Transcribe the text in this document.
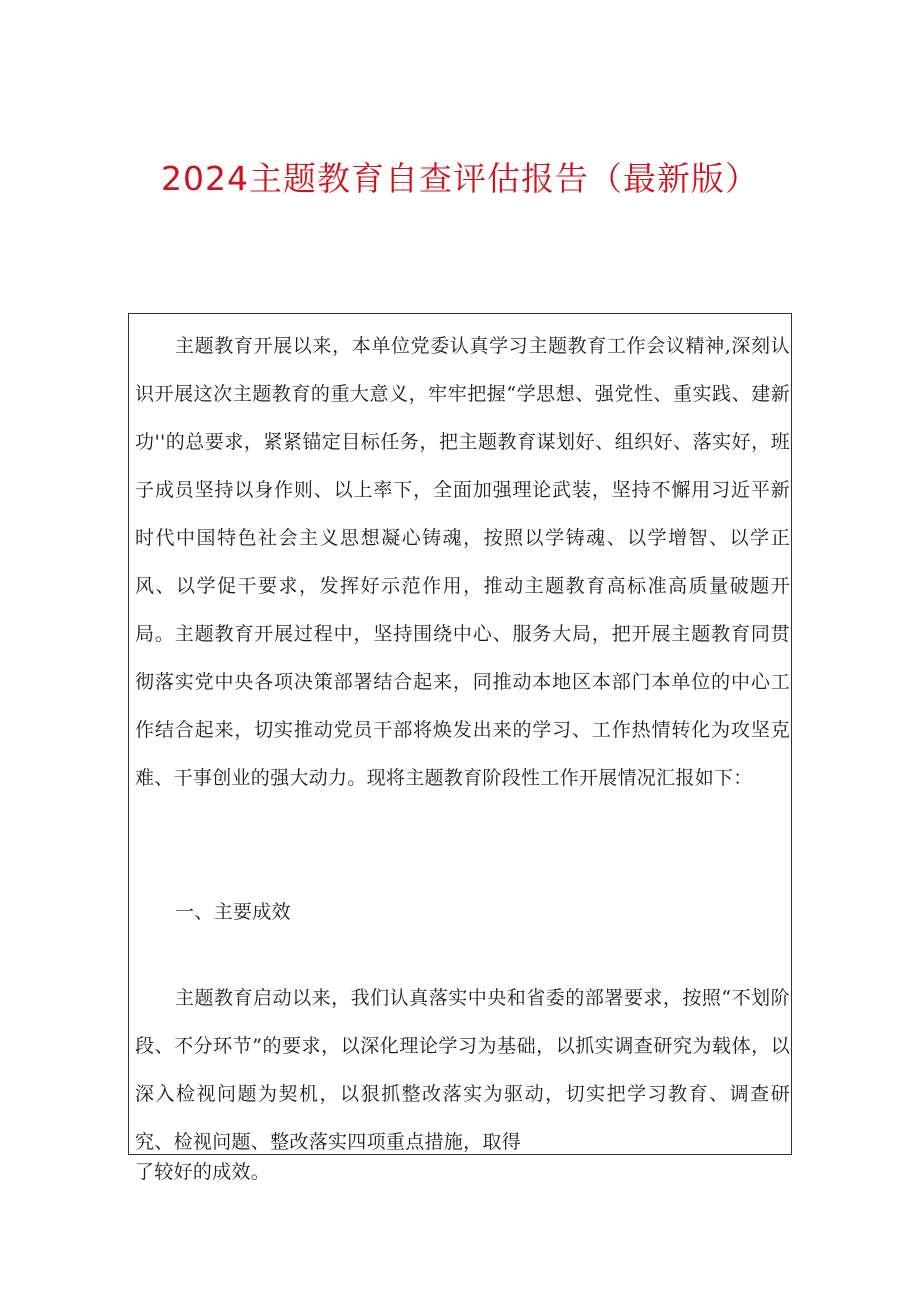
2024主题教育自查评估报告（最新版）

主题教育开展以来，本单位党委认真学习主题教育工作会议精神,深刻认识开展这次主题教育的重大意义，牢牢把握“学思想、强党性、重实践、建新功''的总要求，紧紧锚定目标任务，把主题教育谋划好、组织好、落实好，班子成员坚持以身作则、以上率下，全面加强理论武装，坚持不懈用习近平新时代中国特色社会主义思想凝心铸魂，按照以学铸魂、以学增智、以学正风、以学促干要求，发挥好示范作用，推动主题教育高标准高质量破题开局。主题教育开展过程中，坚持围绕中心、服务大局，把开展主题教育同贯彻落实党中央各项决策部署结合起来，同推动本地区本部门本单位的中心工作结合起来，切实推动党员干部将焕发出来的学习、工作热情转化为攻坚克难、干事创业的强大动力。现将主题教育阶段性工作开展情况汇报如下：

一、主要成效

主题教育启动以来，我们认真落实中央和省委的部署要求，按照“不划阶段、不分环节”的要求，以深化理论学习为基础，以抓实调查研究为载体，以深入检视问题为契机，以狠抓整改落实为驱动，切实把学习教育、调查研究、检视问题、整改落实四项重点措施，取得

了较好的成效。
